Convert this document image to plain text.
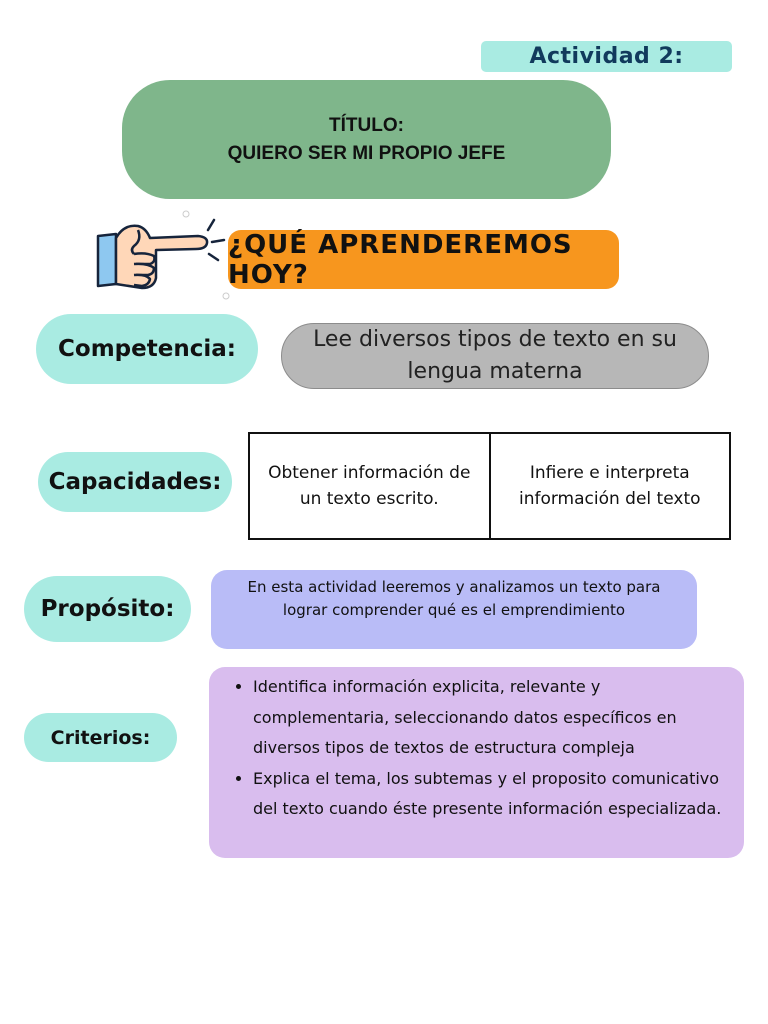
Actividad 2:
TÍTULO:
QUIERO SER MI PROPIO JEFE
¿QUÉ APRENDEREMOS HOY?
Competencia:	Lee diversos tipos de texto en su lengua materna
Capacidades:	Obtener información de un texto escrito.
Infiere e interpreta información del texto
Propósito:
En esta actividad leeremos y analizamos un texto para lograr comprender qué es el emprendimiento
Criterios:
• Identifica información explicita, relevante y complementaria, seleccionando datos específicos en diversos tipos de textos de estructura compleja
• Explica el tema, los subtemas y el proposito comunicativo del texto cuando éste presente información especializada.
